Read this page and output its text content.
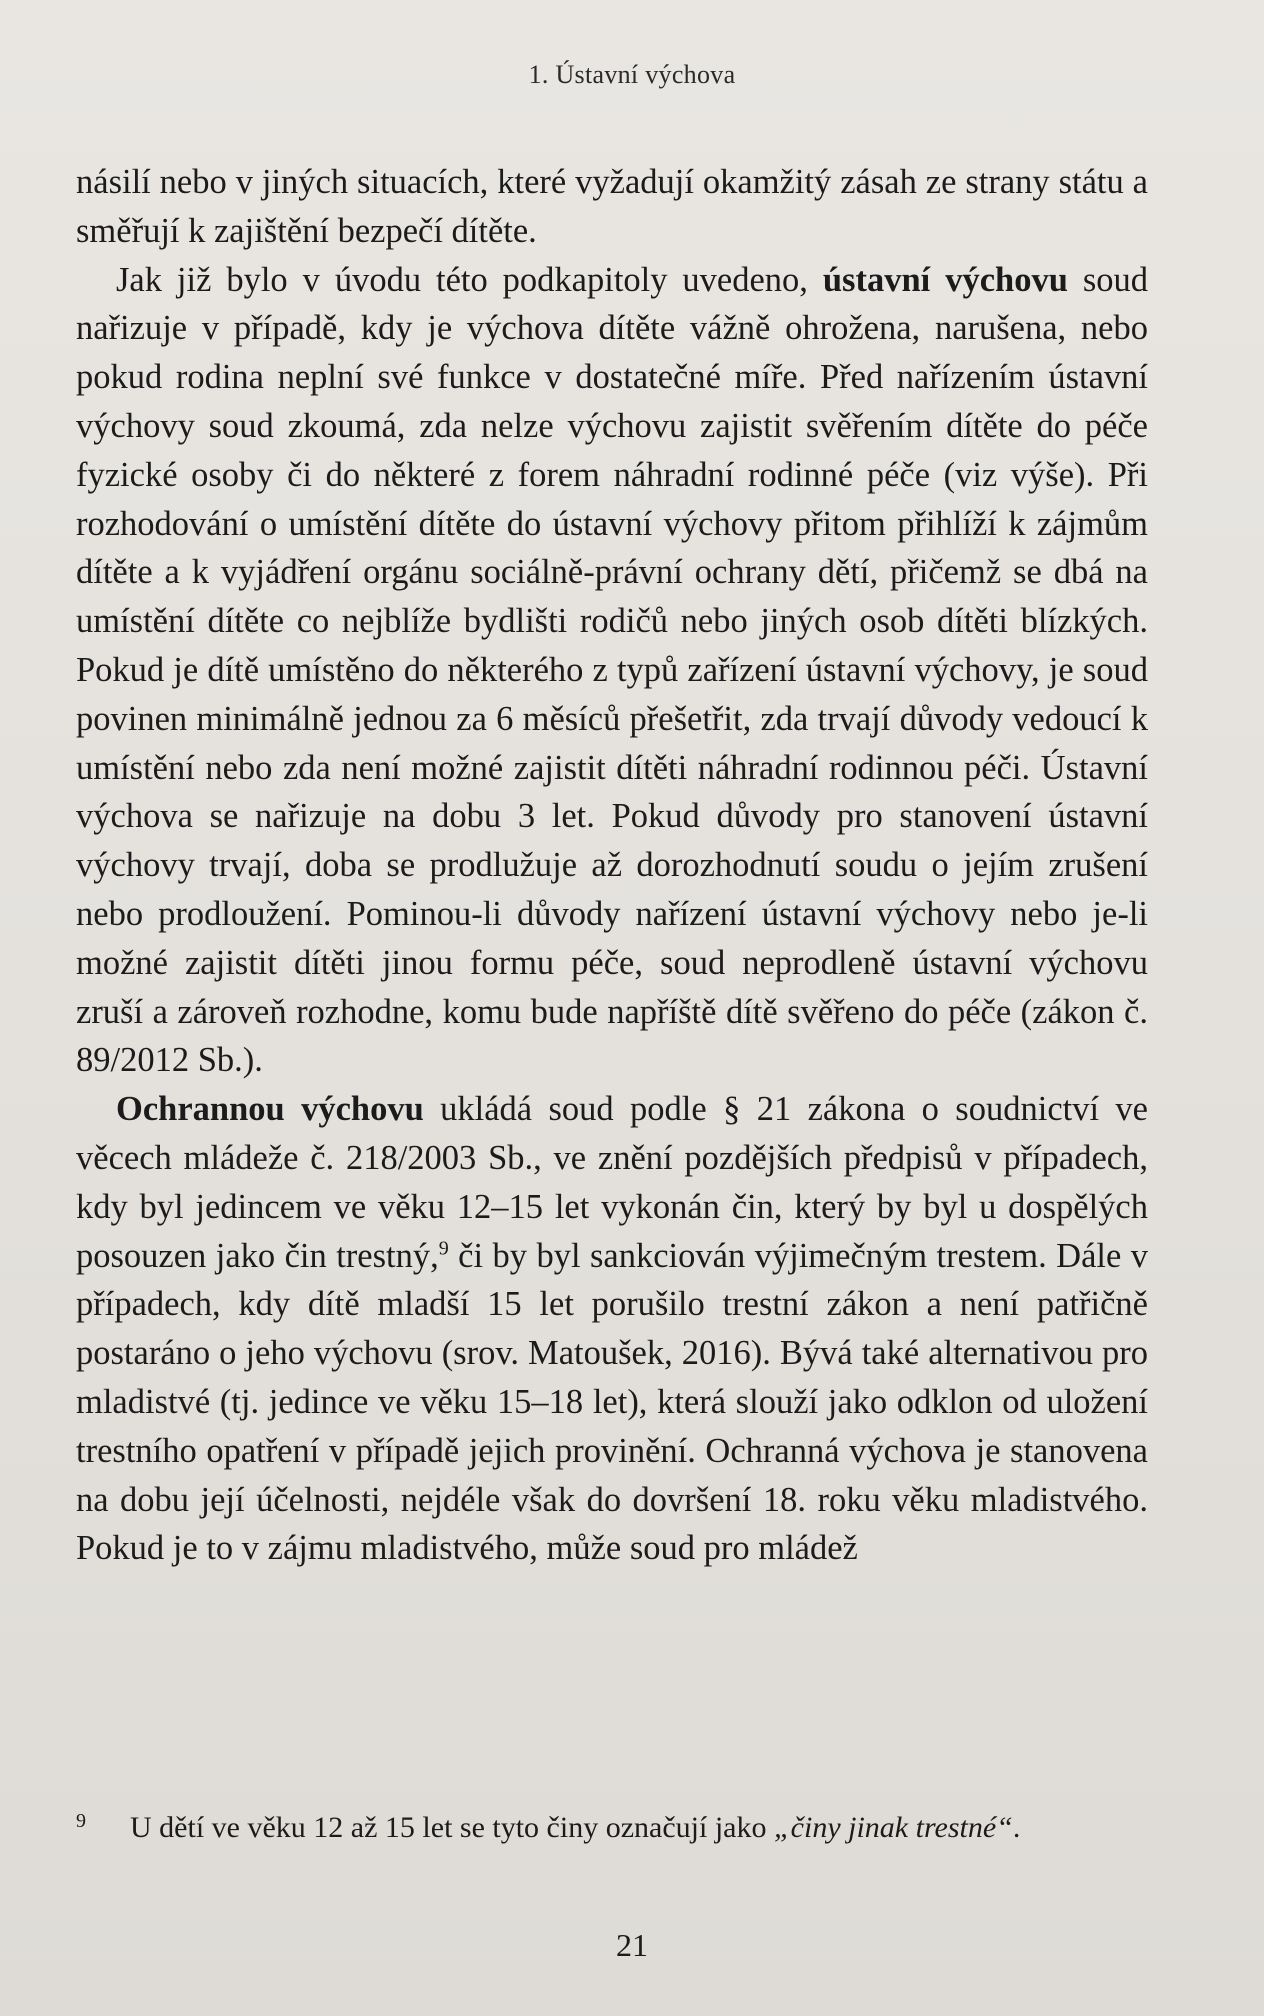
1. Ústavní výchova

násilí nebo v jiných situacích, které vyžadují okamžitý zásah ze strany státu a směřují k zajištění bezpečí dítěte.

Jak již bylo v úvodu této podkapitoly uvedeno, ústavní výchovu soud nařizuje v případě, kdy je výchova dítěte vážně ohrožena, narušena, nebo pokud rodina neplní své funkce v dostatečné míře. Před nařízením ústavní výchovy soud zkoumá, zda nelze výchovu zajistit svěřením dítěte do péče fyzické osoby či do některé z forem náhradní rodinné péče (viz výše). Při rozhodování o umístění dítěte do ústavní výchovy přitom přihlíží k zájmům dítěte a k vyjádření orgánu sociálně-právní ochrany dětí, přičemž se dbá na umístění dítěte co nejblíže bydlišti rodičů nebo jiných osob dítěti blízkých. Pokud je dítě umístěno do některého z typů zařízení ústavní výchovy, je soud povinen minimálně jednou za 6 měsíců přešetřit, zda trvají důvody vedoucí k umístění nebo zda není možné zajistit dítěti náhradní rodinnou péči. Ústavní výchova se nařizuje na dobu 3 let. Pokud důvody pro stanovení ústavní výchovy trvají, doba se prodlužuje až dorozhodnutí soudu o jejím zrušení nebo prodloužení. Pominou-li důvody nařízení ústavní výchovy nebo je-li možné zajistit dítěti jinou formu péče, soud neprodleně ústavní výchovu zruší a zároveň rozhodne, komu bude napříště dítě svěřeno do péče (zákon č. 89/2012 Sb.).

Ochrannou výchovu ukládá soud podle § 21 zákona o soudnictví ve věcech mládeže č. 218/2003 Sb., ve znění pozdějších předpisů v případech, kdy byl jedincem ve věku 12–15 let vykonán čin, který by byl u dospělých posouzen jako čin trestný,$^9$ či by byl sankciován výjimečným trestem. Dále v případech, kdy dítě mladší 15 let porušilo trestní zákon a není patřičně postaráno o jeho výchovu (srov. Matoušek, 2016). Bývá také alternativou pro mladistvé (tj. jedince ve věku 15–18 let), která slouží jako odklon od uložení trestního opatření v případě jejich provinění. Ochranná výchova je stanovena na dobu její účelnosti, nejdéle však do dovršení 18. roku věku mladistvého. Pokud je to v zájmu mladistvého, může soud pro mládež

9 U dětí ve věku 12 až 15 let se tyto činy označují jako „činy jinak trestné“.
21
